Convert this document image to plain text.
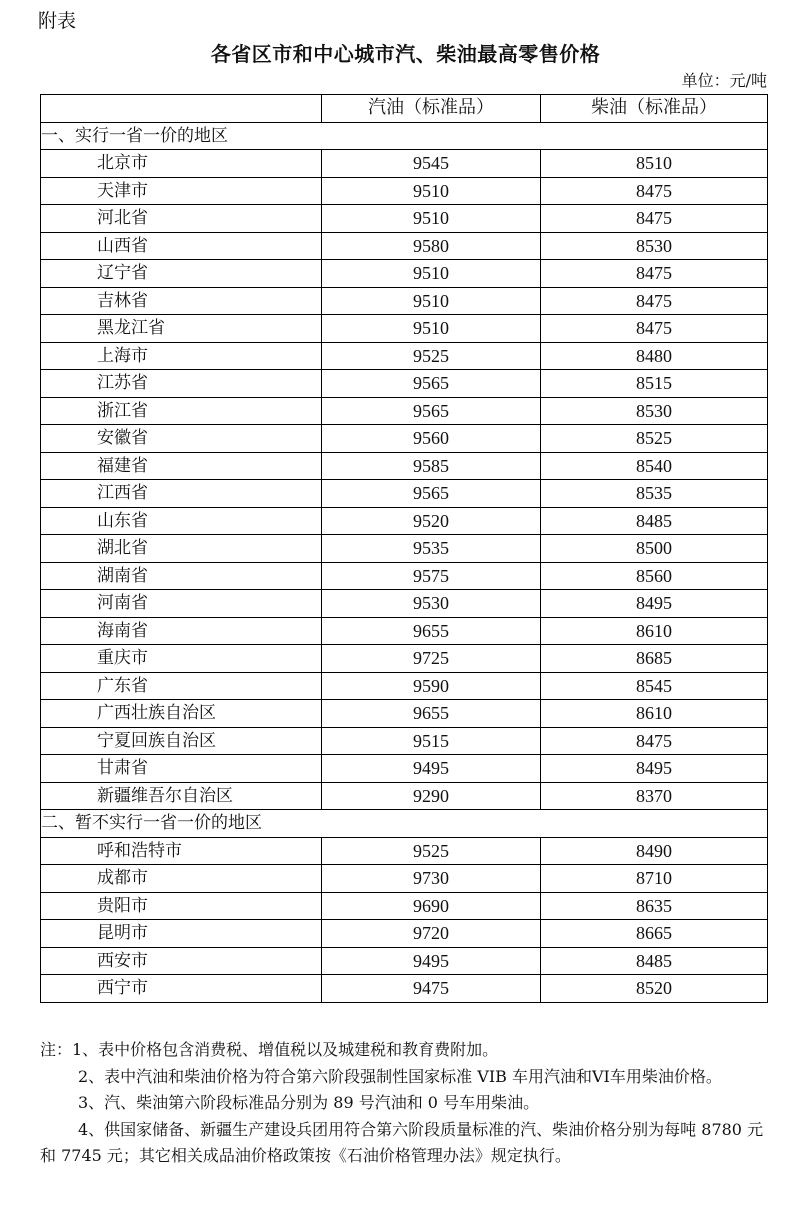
附表
各省区市和中心城市汽、柴油最高零售价格
单位：元/吨
	汽油（标准品）	柴油（标准品）
一、实行一省一价的地区		
北京市	9545	8510
天津市	9510	8475
河北省	9510	8475
山西省	9580	8530
辽宁省	9510	8475
吉林省	9510	8475
黑龙江省	9510	8475
上海市	9525	8480
江苏省	9565	8515
浙江省	9565	8530
安徽省	9560	8525
福建省	9585	8540
江西省	9565	8535
山东省	9520	8485
湖北省	9535	8500
湖南省	9575	8560
河南省	9530	8495
海南省	9655	8610
重庆市	9725	8685
广东省	9590	8545
广西壮族自治区	9655	8610
宁夏回族自治区	9515	8475
甘肃省	9495	8495
新疆维吾尔自治区	9290	8370
二、暂不实行一省一价的地区		
呼和浩特市	9525	8490
成都市	9730	8710
贵阳市	9690	8635
昆明市	9720	8665
西安市	9495	8485
西宁市	9475	8520

注：1、表中价格包含消费税、增值税以及城建税和教育费附加。

2、表中汽油和柴油价格为符合第六阶段强制性国家标准 VIB 车用汽油和VI车用柴油价格。

3、汽、柴油第六阶段标准品分别为 89 号汽油和 0 号车用柴油。

4、供国家储备、新疆生产建设兵团用符合第六阶段质量标准的汽、柴油价格分别为每吨 8780 元和 7745 元；其它相关成品油价格政策按《石油价格管理办法》规定执行。
